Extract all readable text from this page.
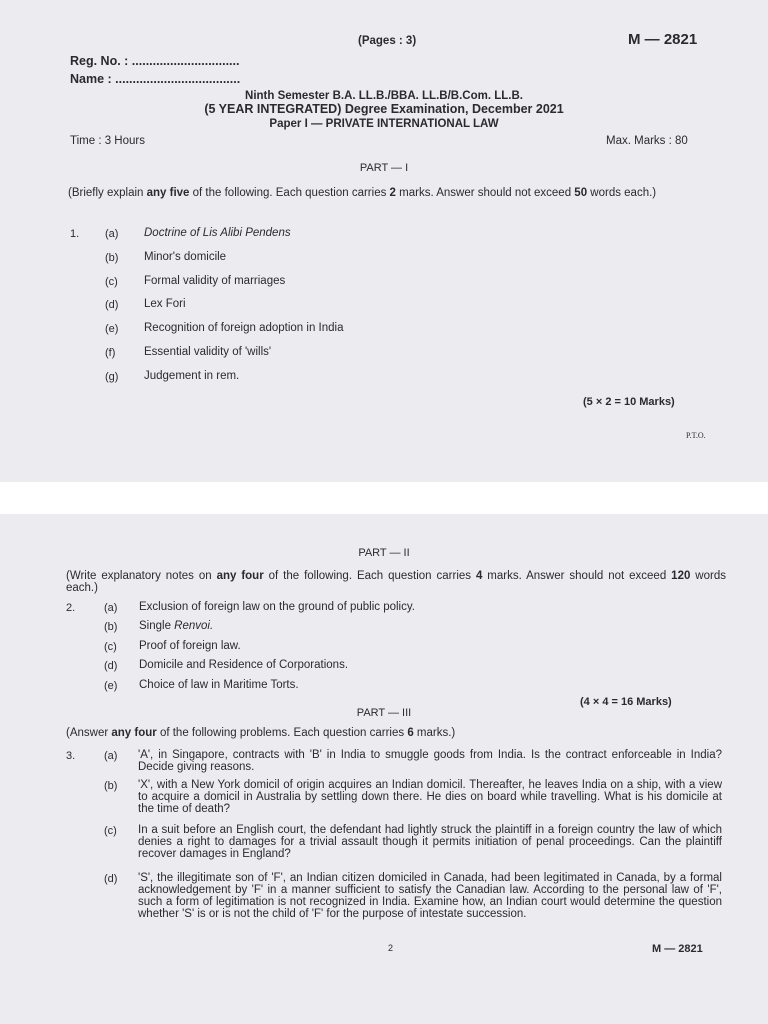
(Pages : 3)	M — 2821
Reg. No. : ...............................
Name : ....................................
Ninth Semester B.A. LL.B./BBA. LL.B/B.Com. LL.B.
(5 YEAR INTEGRATED) Degree Examination, December 2021
Paper I — PRIVATE INTERNATIONAL LAW
Time : 3 Hours	Max. Marks : 80
PART — I
(Briefly explain any five of the following. Each question carries 2 marks. Answer should not exceed 50 words each.)
1. (a) Doctrine of Lis Alibi Pendens
(b) Minor's domicile
(c) Formal validity of marriages
(d) Lex Fori
(e) Recognition of foreign adoption in India
(f) Essential validity of 'wills'
(g) Judgement in rem.
(5 × 2 = 10 Marks)
P.T.O.
PART — II
(Write explanatory notes on any four of the following. Each question carries 4 marks. Answer should not exceed 120 words each.)
2.	(a) Exclusion of foreign law on the ground of public policy.
(b) Single Renvoi.
(c) Proof of foreign law.
(d) Domicile and Residence of Corporations.
(e) Choice of law in Maritime Torts.
(4 × 4 = 16 Marks)
PART — III
(Answer any four of the following problems. Each question carries 6 marks.)
3.	(a) 'A', in Singapore, contracts with 'B' in India to smuggle goods from India. Is the contract enforceable in India? Decide giving reasons.
(b) 'X', with a New York domicil of origin acquires an Indian domicil. Thereafter, he leaves India on a ship, with a view to acquire a domicil in Australia by settling down there. He dies on board while travelling. What is his domicile at the time of death?
(c) In a suit before an English court, the defendant had lightly struck the plaintiff in a foreign country the law of which denies a right to damages for a trivial assault though it permits initiation of penal proceedings. Can the plaintiff recover damages in England?
(d) 'S', the illegitimate son of 'F', an Indian citizen domiciled in Canada, had been legitimated in Canada, by a formal acknowledgement by 'F' in a manner sufficient to satisfy the Canadian law. According to the personal law of 'F', such a form of legitimation is not recognized in India. Examine how, an Indian court would determine the question whether 'S' is or is not the child of 'F' for the purpose of intestate succession.
2	M — 2821
